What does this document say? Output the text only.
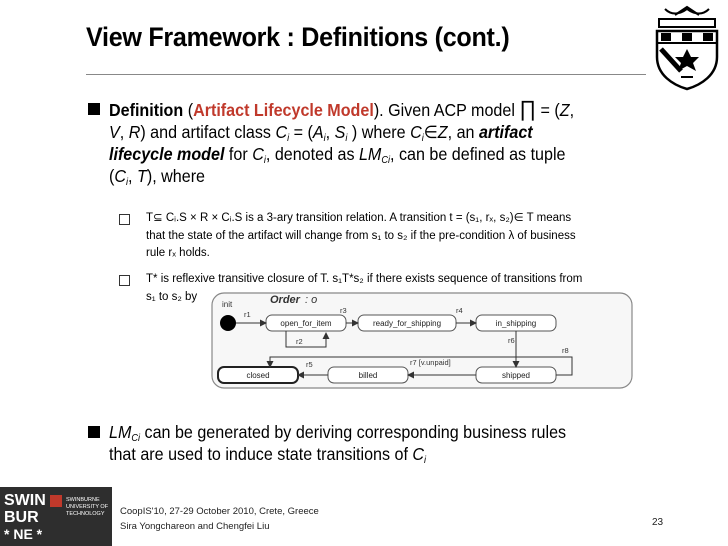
View Framework : Definitions (cont.)

Definition (Artifact Lifecycle Model). Given ACP model ∏ = (Z,

V, R) and artifact class $C_i = (A_i$, $S_i$ ) where $C_i\in Z$, an artifact

lifecycle model for $C_i$, denoted as $LM_{Ci}$, can be defined as tuple

($C_i$, T), where

T⊆ Cᵢ.S × R × Cᵢ.S is a 3-ary transition relation. A transition t = (s₁, rₓ, s₂)∈ T means

that the state of the artifact will change from s₁ to s₂ if the pre-condition λ of business

rule rₓ holds.

T* is reflexive transitive closure of T. s₁T*s₂ if there exists sequence of transitions from

s₁ to s₂ by	Order : o
init
open_for_item	ready_for_shipping	in_shipping
closed	billed	shipped
r1	r3	r4
r2	r6
r7 [v.unpaid]
r5
r8

$LM_{Ci}$ can be generated by deriving corresponding business rules

that are used to induce state transitions of $C_i$

SWIN
BUR
* NE *
SWINBURNE
UNIVERSITY OF
TECHNOLOGY CoopIS'10, 27-29 October 2010, Crete, Greece
Sira Yongchareon and Chengfei Liu	23
